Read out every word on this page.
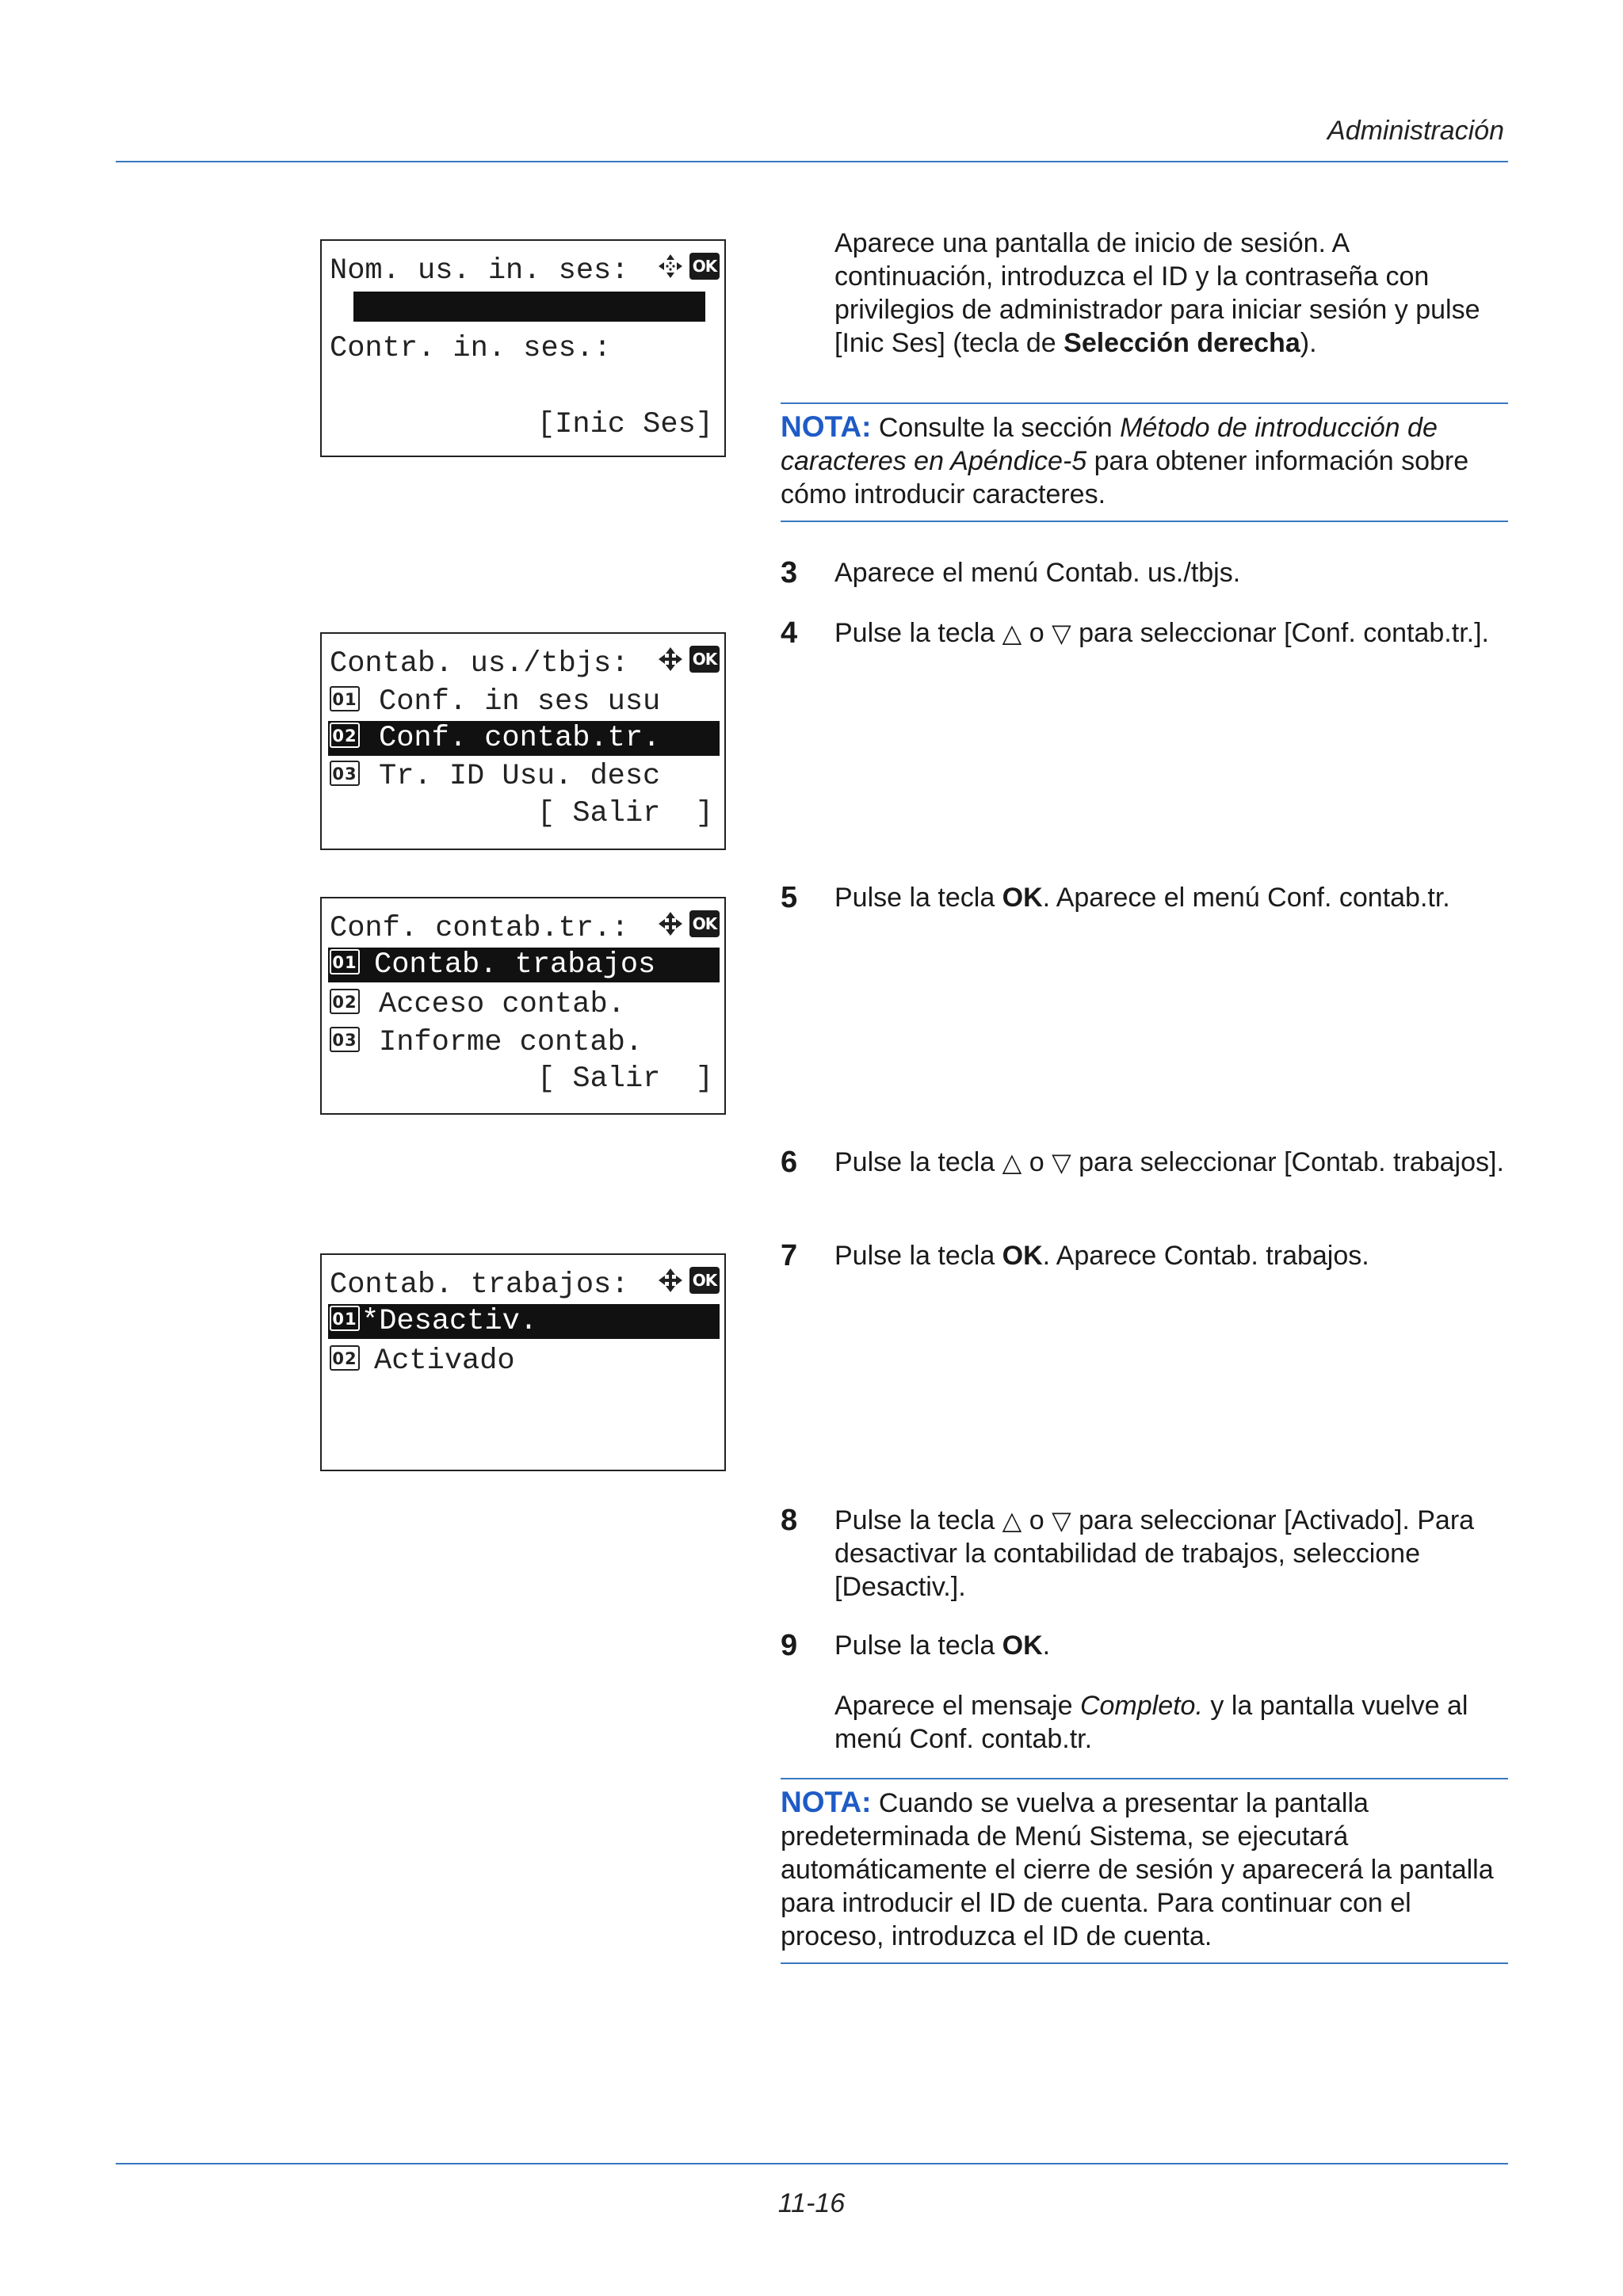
Administración
11-16
Nom. us. in. ses:	OK
Contr. in. ses.:
[Inic Ses]
Contab. us./tbjs:	OK
01 Conf. in ses usu
02 Conf. contab.tr.
03 Tr. ID Usu. desc
[ Salir  ]
Conf. contab.tr.:	OK
01 Contab. trabajos
02 Acceso contab.
03 Informe contab.
[ Salir  ]
Contab. trabajos:	OK
01 *Desactiv.
02 Activado
Aparece una pantalla de inicio de sesión. A continuación, introduzca el ID y la contraseña con privilegios de administrador para iniciar sesión y pulse [Inic Ses] (tecla de Selección derecha).
NOTA: Consulte la sección Método de introducción de caracteres en Apéndice-5 para obtener información sobre cómo introducir caracteres.
3 Aparece el menú Contab. us./tbjs.
4 Pulse la tecla △ o ▽ para seleccionar [Conf. contab.tr.].
5 Pulse la tecla OK. Aparece el menú Conf. contab.tr.
6 Pulse la tecla △ o ▽ para seleccionar [Contab. trabajos].
7 Pulse la tecla OK. Aparece Contab. trabajos.
8 Pulse la tecla △ o ▽ para seleccionar [Activado]. Para desactivar la contabilidad de trabajos, seleccione [Desactiv.].
9 Pulse la tecla OK.
Aparece el mensaje Completo. y la pantalla vuelve al menú Conf. contab.tr.
NOTA: Cuando se vuelva a presentar la pantalla predeterminada de Menú Sistema, se ejecutará automáticamente el cierre de sesión y aparecerá la pantalla para introducir el ID de cuenta. Para continuar con el proceso, introduzca el ID de cuenta.
